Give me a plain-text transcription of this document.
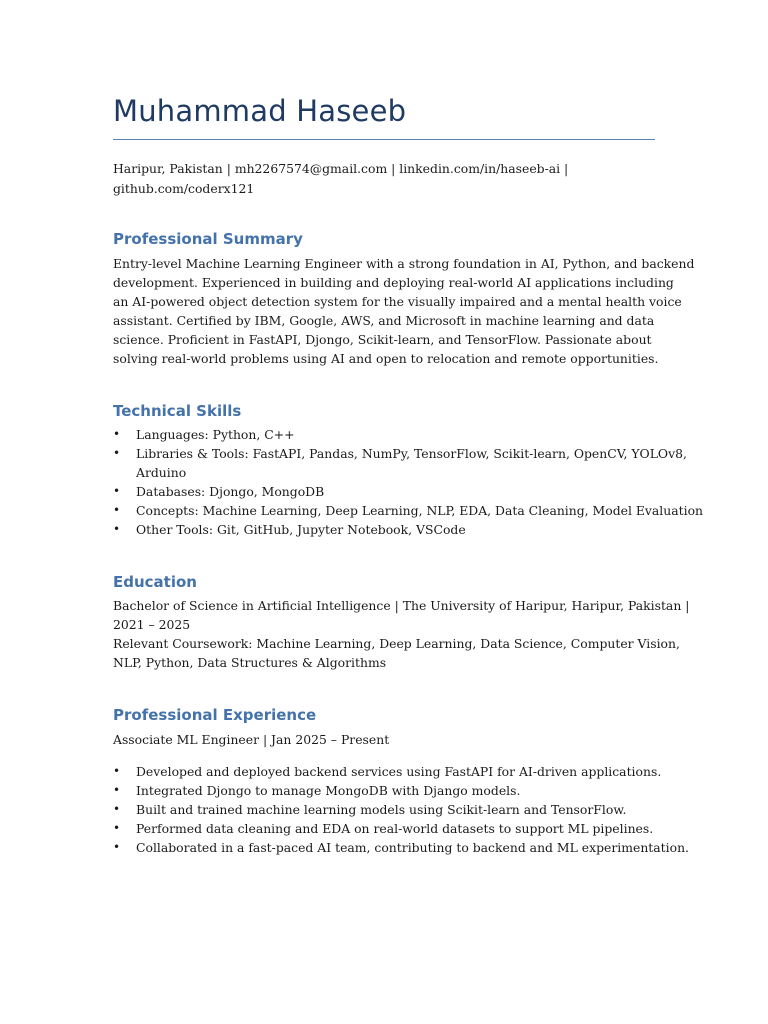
Muhammad Haseeb
Haripur, Pakistan | mh2267574@gmail.com | linkedin.com/in/haseeb-ai |
github.com/coderx121
Professional Summary
Entry-level Machine Learning Engineer with a strong foundation in AI, Python, and backend
development. Experienced in building and deploying real-world AI applications including
an AI-powered object detection system for the visually impaired and a mental health voice
assistant. Certified by IBM, Google, AWS, and Microsoft in machine learning and data
science. Proficient in FastAPI, Djongo, Scikit-learn, and TensorFlow. Passionate about
solving real-world problems using AI and open to relocation and remote opportunities.
Technical Skills
• Languages: Python, C++
• Libraries & Tools: FastAPI, Pandas, NumPy, TensorFlow, Scikit-learn, OpenCV, YOLOv8,
Arduino
• Databases: Djongo, MongoDB
• Concepts: Machine Learning, Deep Learning, NLP, EDA, Data Cleaning, Model Evaluation
• Other Tools: Git, GitHub, Jupyter Notebook, VSCode
Education
Bachelor of Science in Artificial Intelligence | The University of Haripur, Haripur, Pakistan |
2021 – 2025
Relevant Coursework: Machine Learning, Deep Learning, Data Science, Computer Vision,
NLP, Python, Data Structures & Algorithms
Professional Experience
Associate ML Engineer | Jan 2025 – Present
• Developed and deployed backend services using FastAPI for AI-driven applications.
• Integrated Djongo to manage MongoDB with Django models.
• Built and trained machine learning models using Scikit-learn and TensorFlow.
• Performed data cleaning and EDA on real-world datasets to support ML pipelines.
• Collaborated in a fast-paced AI team, contributing to backend and ML experimentation.
